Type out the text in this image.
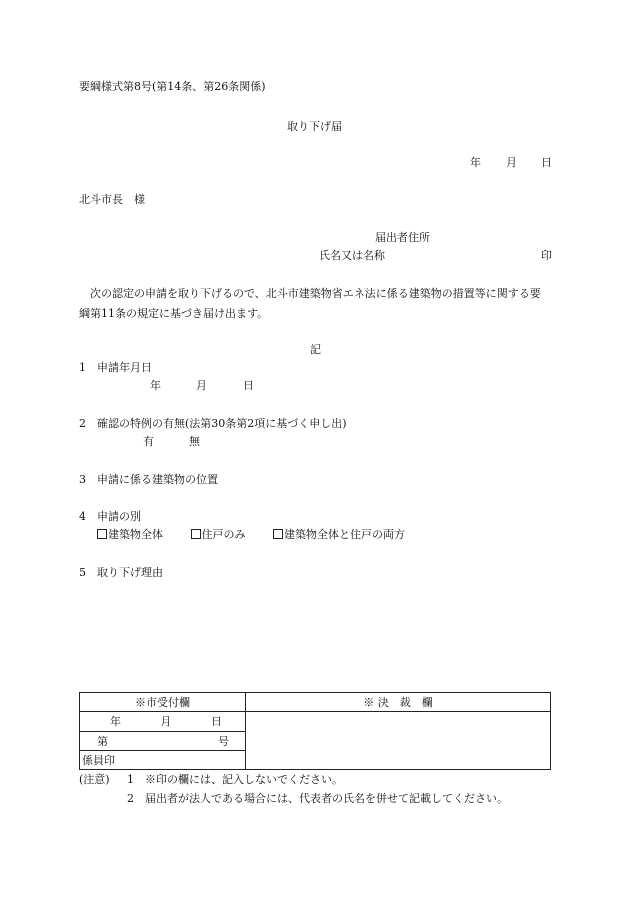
要綱様式第8号(第14条、第26条関係)
取り下げ届
年 月 日
北斗市長　様
届出者住所
氏名又は名称	印
次の認定の申請を取り下げるので、北斗市建築物省エネ法に係る建築物の措置等に関する要綱第11条の規定に基づき届け出ます。
記
1 申請年月日
年	月	日
2 確認の特例の有無(法第30条第2項に基づく申し出)
有	無
3 申請に係る建築物の位置
4 申請の別
建築物全体	住戸のみ	建築物全体と住戸の両方
5 取り下げ理由
※市受付欄	※ 決　裁　欄
年 月 日	
第 号	

係員印	
(注意) 1 ※印の欄には、記入しないでください。
2 届出者が法人である場合には、代表者の氏名を併せて記載してください。
